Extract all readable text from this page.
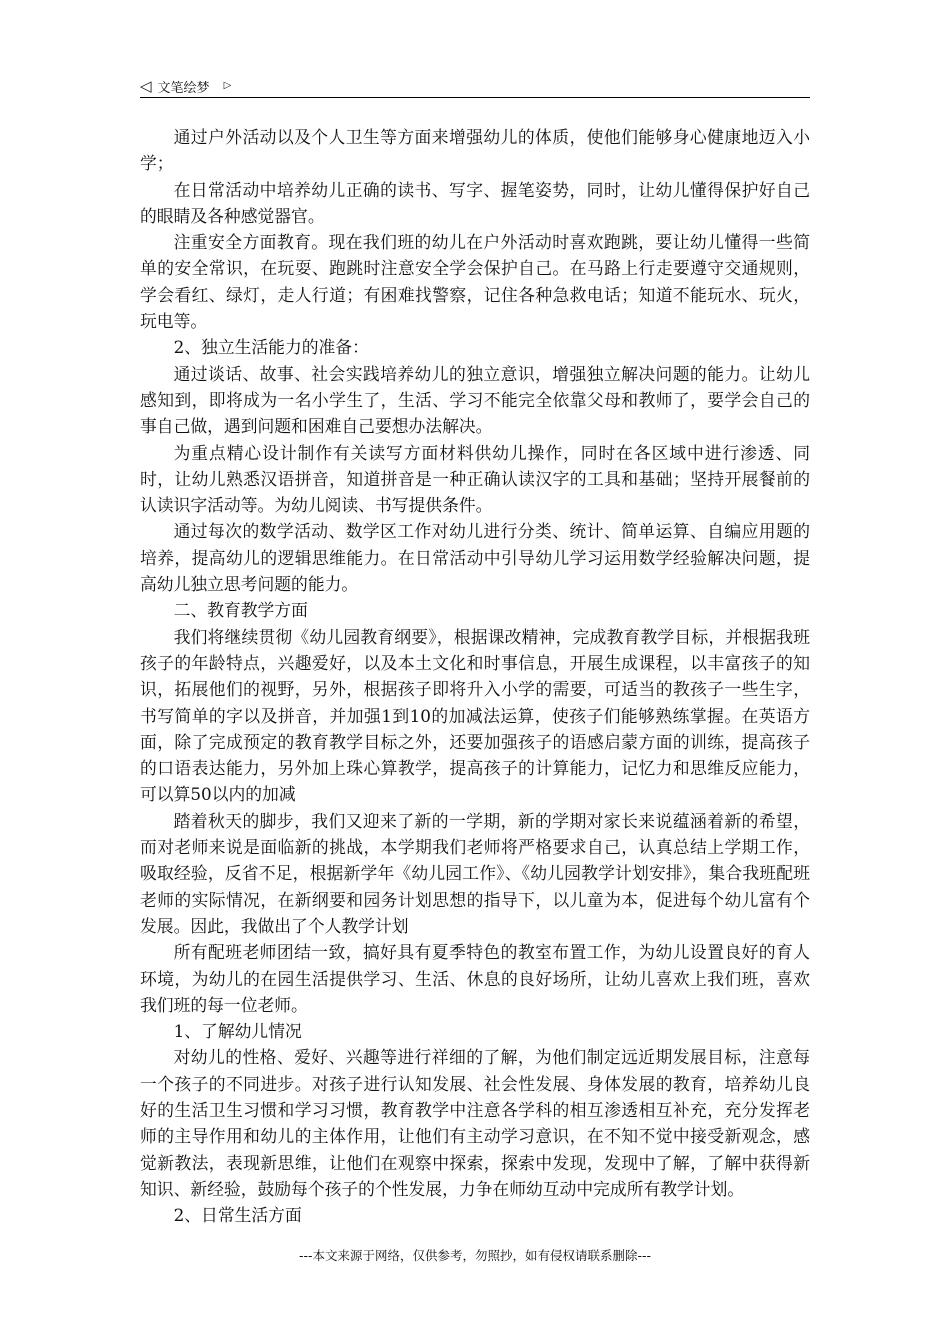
◁ 文笔绘梦 ▷

通过户外活动以及个人卫生等方面来增强幼儿的体质，使他们能够身心健康地迈入小学；

在日常活动中培养幼儿正确的读书、写字、握笔姿势，同时，让幼儿懂得保护好自己的眼睛及各种感觉器官。

注重安全方面教育。现在我们班的幼儿在户外活动时喜欢跑跳，要让幼儿懂得一些简单的安全常识，在玩耍、跑跳时注意安全学会保护自己。在马路上行走要遵守交通规则，学会看红、绿灯，走人行道；有困难找警察，记住各种急救电话；知道不能玩水、玩火，玩电等。

2、独立生活能力的准备：

通过谈话、故事、社会实践培养幼儿的独立意识，增强独立解决问题的能力。让幼儿感知到，即将成为一名小学生了，生活、学习不能完全依靠父母和教师了，要学会自己的事自己做，遇到问题和困难自己要想办法解决。

为重点精心设计制作有关读写方面材料供幼儿操作，同时在各区域中进行渗透、同时，让幼儿熟悉汉语拼音，知道拼音是一种正确认读汉字的工具和基础；坚持开展餐前的认读识字活动等。为幼儿阅读、书写提供条件。

通过每次的数学活动、数学区工作对幼儿进行分类、统计、简单运算、自编应用题的培养，提高幼儿的逻辑思维能力。在日常活动中引导幼儿学习运用数学经验解决问题，提高幼儿独立思考问题的能力。

二、教育教学方面

我们将继续贯彻《幼儿园教育纲要》，根据课改精神，完成教育教学目标，并根据我班孩子的年龄特点，兴趣爱好，以及本土文化和时事信息，开展生成课程，以丰富孩子的知识，拓展他们的视野，另外，根据孩子即将升入小学的需要，可适当的教孩子一些生字，书写简单的字以及拼音，并加强1到10的加减法运算，使孩子们能够熟练掌握。在英语方面，除了完成预定的教育教学目标之外，还要加强孩子的语感启蒙方面的训练，提高孩子的口语表达能力，另外加上珠心算教学，提高孩子的计算能力，记忆力和思维反应能力，可以算50以内的加减

踏着秋天的脚步，我们又迎来了新的一学期，新的学期对家长来说蕴涵着新的希望，而对老师来说是面临新的挑战，本学期我们老师将严格要求自己，认真总结上学期工作，吸取经验，反省不足，根据新学年《幼儿园工作》、《幼儿园教学计划安排》，集合我班配班老师的实际情况，在新纲要和园务计划思想的指导下，以儿童为本，促进每个幼儿富有个发展。因此，我做出了个人教学计划

所有配班老师团结一致，搞好具有夏季特色的教室布置工作，为幼儿设置良好的育人环境，为幼儿的在园生活提供学习、生活、休息的良好场所，让幼儿喜欢上我们班，喜欢我们班的每一位老师。

1、了解幼儿情况

对幼儿的性格、爱好、兴趣等进行祥细的了解，为他们制定远近期发展目标，注意每一个孩子的不同进步。对孩子进行认知发展、社会性发展、身体发展的教育，培养幼儿良好的生活卫生习惯和学习习惯，教育教学中注意各学科的相互渗透相互补充，充分发挥老师的主导作用和幼儿的主体作用，让他们有主动学习意识，在不知不觉中接受新观念，感觉新教法，表现新思维，让他们在观察中探索，探索中发现，发现中了解，了解中获得新知识、新经验，鼓励每个孩子的个性发展，力争在师幼互动中完成所有教学计划。

2、日常生活方面

---本文来源于网络，仅供参考，勿照抄，如有侵权请联系删除---
